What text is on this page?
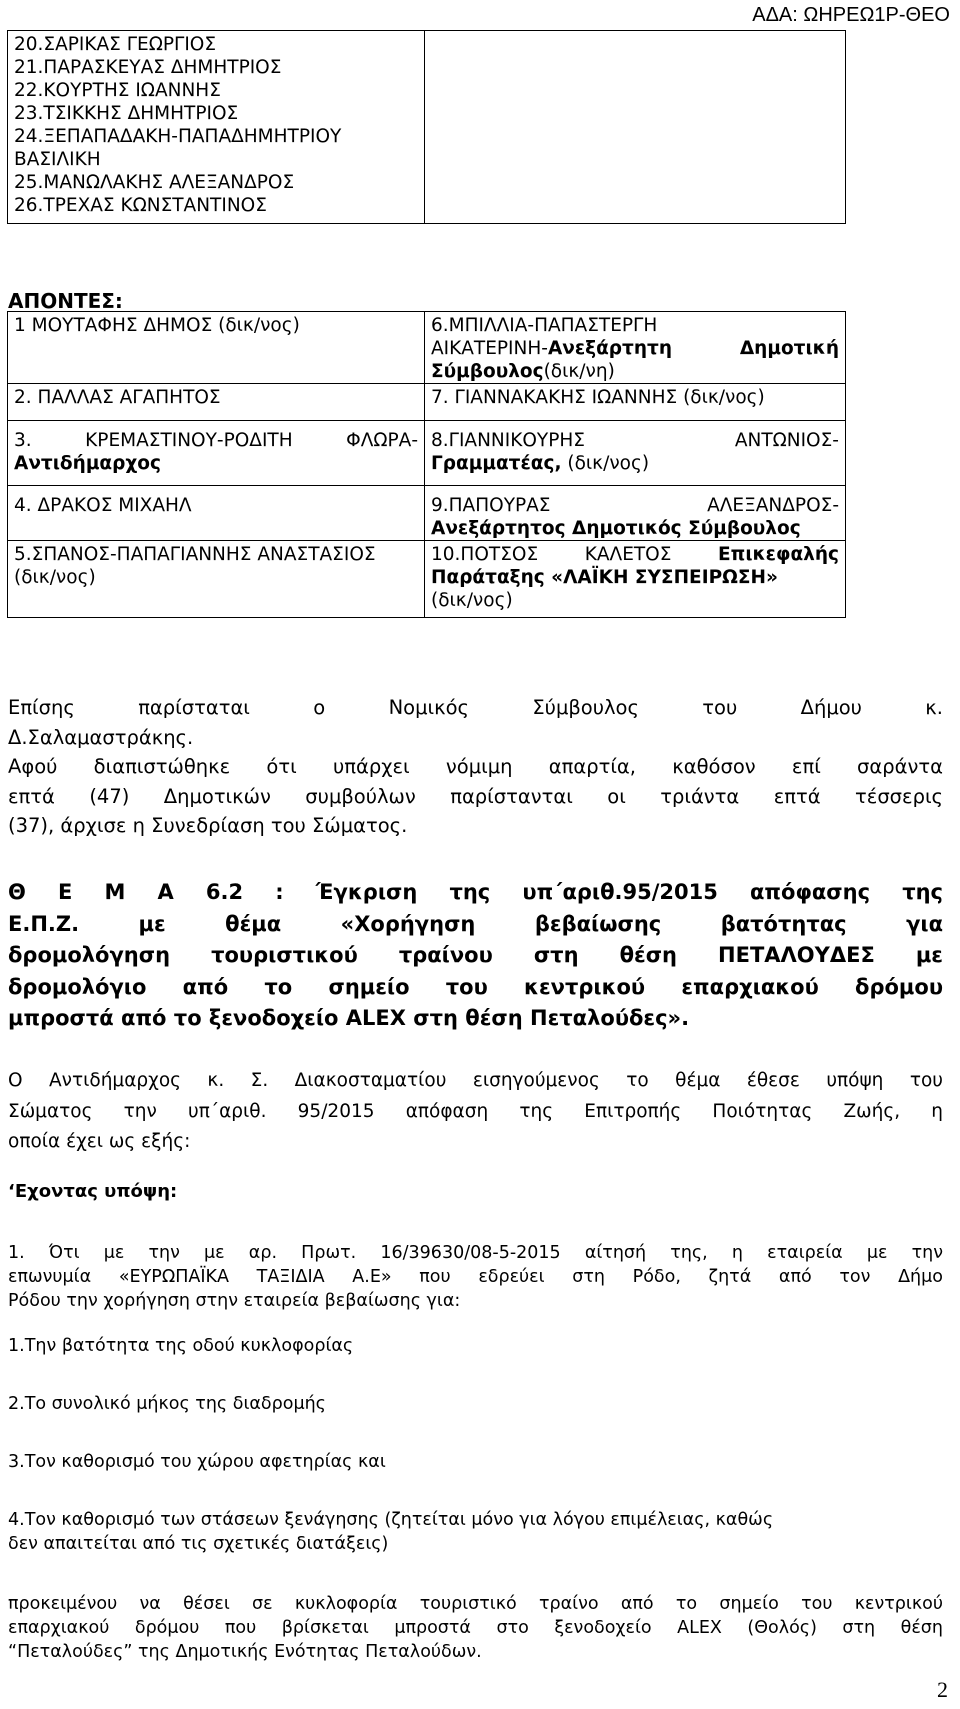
ΑΔΑ: ΩΗΡΕΩ1Ρ-ΘΕΟ
20.ΣΑΡΙΚΑΣ ΓΕΩΡΓΙΟΣ
21.ΠΑΡΑΣΚΕΥΑΣ ΔΗΜΗΤΡΙΟΣ
22.ΚΟΥΡΤΗΣ ΙΩΑΝΝΗΣ
23.ΤΣΙΚΚΗΣ ΔΗΜΗΤΡΙΟΣ
24.ΞΕΠΑΠΑΔΑΚΗ-ΠΑΠΑΔΗΜΗΤΡΙΟΥ
ΒΑΣΙΛΙΚΗ
25.ΜΑΝΩΛΑΚΗΣ ΑΛΕΞΑΝΔΡΟΣ
26.ΤΡΕΧΑΣ ΚΩΝΣΤΑΝΤΙΝΟΣ

ΑΠΟΝΤΕΣ:
1 ΜΟΥΤΑΦΗΣ ΔΗΜΟΣ (δικ/νος)	6.ΜΠΙΛΛΙΑ-ΠΑΠΑΣΤΕΡΓΗ
ΑΙΚΑΤΕΡΙΝΗ-Ανεξάρτητη Δημοτική
Σύμβουλος(δικ/νη)

2. ΠΑΛΛΑΣ ΑΓΑΠΗΤΟΣ	7. ΓΙΑΝΝΑΚΑΚΗΣ ΙΩΑΝΝΗΣ (δικ/νος)

3. ΚΡΕΜΑΣΤΙΝΟΥ-ΡΟΔΙΤΗ ΦΛΩΡΑ-
Αντιδήμαρχος	8.ΓΙΑΝΝΙΚΟΥΡΗΣ ΑΝΤΩΝΙΟΣ-
Γραμματέας, (δικ/νος)

4. ΔΡΑΚΟΣ ΜΙΧΑΗΛ	9.ΠΑΠΟΥΡΑΣ ΑΛΕΞΑΝΔΡΟΣ-
Ανεξάρτητος Δημοτικός Σύμβουλος

5.ΣΠΑΝΟΣ-ΠΑΠΑΓΙΑΝΝΗΣ ΑΝΑΣΤΑΣΙΟΣ
(δικ/νος)	10.ΠΟΤΣΟΣ ΚΑΛΕΤΟΣ Επικεφαλής
Παράταξης «ΛΑΪΚΗ ΣΥΣΠΕΙΡΩΣΗ»
(δικ/νος)
Επίσης παρίσταται ο Νομικός Σύμβουλος του Δήμου κ.
Δ.Σαλαμαστράκης.
Αφού διαπιστώθηκε ότι υπάρχει νόμιμη απαρτία, καθόσον επί σαράντα
επτά (47) Δημοτικών συμβούλων παρίστανται οι τριάντα επτά τέσσερις
(37), άρχισε η Συνεδρίαση του Σώματος.
Θ Ε Μ Α 6.2 : Έγκριση της υπ΄αριθ.95/2015 απόφασης της
Ε.Π.Ζ. με θέμα «Χορήγηση βεβαίωσης βατότητας για
δρομολόγηση τουριστικού τραίνου στη θέση ΠΕΤΑΛΟΥΔΕΣ με
δρομολόγιο από το σημείο του κεντρικού επαρχιακού δρόμου
μπροστά από το ξενοδοχείο ALEX στη θέση Πεταλούδες».
Ο Αντιδήμαρχος κ. Σ. Διακοσταματίου εισηγούμενος το θέμα έθεσε υπόψη του
Σώματος την υπ΄αριθ. 95/2015 απόφαση της Επιτροπής Ποιότητας Ζωής, η
οποία έχει ως εξής:
‘Εχοντας υπόψη:
1. Ότι με την με αρ. Πρωτ. 16/39630/08-5-2015 αίτησή της, η εταιρεία με την
επωνυμία «ΕΥΡΩΠΑΪΚΑ ΤΑΞΙΔΙΑ Α.Ε» που εδρεύει στη Ρόδο, ζητά από τον Δήμο
Ρόδου την χορήγηση στην εταιρεία βεβαίωσης για:
1.Την βατότητα της οδού κυκλοφορίας
2.Το συνολικό μήκος της διαδρομής
3.Τον καθορισμό του χώρου αφετηρίας και
4.Τον καθορισμό των στάσεων ξενάγησης (ζητείται μόνο για λόγου επιμέλειας, καθώς
δεν απαιτείται από τις σχετικές διατάξεις)
προκειμένου να θέσει σε κυκλοφορία τουριστικό τραίνο από το σημείο του κεντρικού
επαρχιακού δρόμου που βρίσκεται μπροστά στο ξενοδοχείο ALEX (Θολός) στη θέση
“Πεταλούδες” της Δημοτικής Ενότητας Πεταλούδων.
2
